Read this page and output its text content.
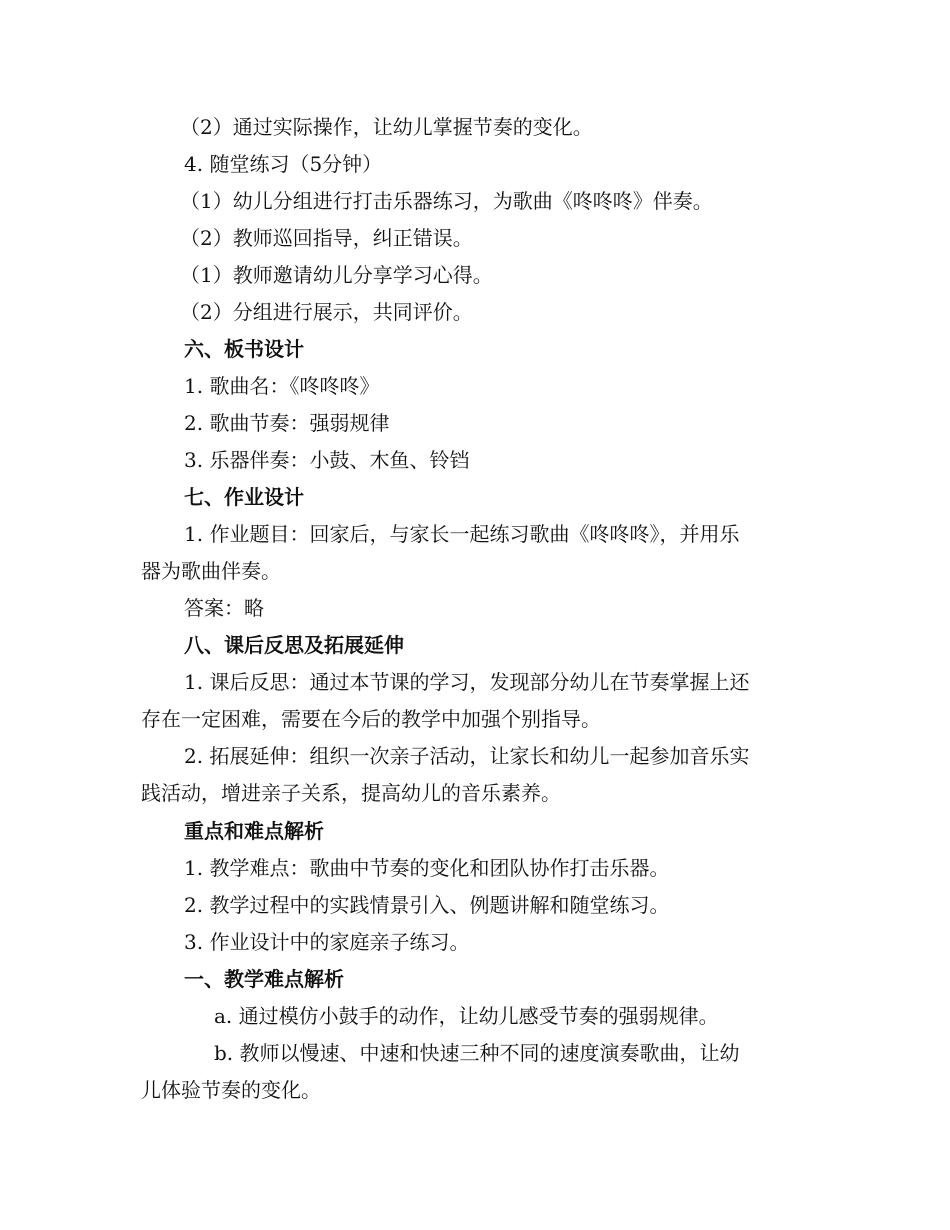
（2）通过实际操作，让幼儿掌握节奏的变化。
4. 随堂练习（5分钟）
（1）幼儿分组进行打击乐器练习，为歌曲《咚咚咚》伴奏。
（2）教师巡回指导，纠正错误。
（1）教师邀请幼儿分享学习心得。
（2）分组进行展示，共同评价。
六、板书设计
1. 歌曲名：《咚咚咚》
2. 歌曲节奏：强弱规律
3. 乐器伴奏：小鼓、木鱼、铃铛
七、作业设计
1. 作业题目：回家后，与家长一起练习歌曲《咚咚咚》，并用乐
器为歌曲伴奏。
答案：略
八、课后反思及拓展延伸
1. 课后反思：通过本节课的学习，发现部分幼儿在节奏掌握上还
存在一定困难，需要在今后的教学中加强个别指导。
2. 拓展延伸：组织一次亲子活动，让家长和幼儿一起参加音乐实
践活动，增进亲子关系，提高幼儿的音乐素养。
重点和难点解析
1. 教学难点：歌曲中节奏的变化和团队协作打击乐器。
2. 教学过程中的实践情景引入、例题讲解和随堂练习。
3. 作业设计中的家庭亲子练习。
一、教学难点解析
a. 通过模仿小鼓手的动作，让幼儿感受节奏的强弱规律。
b. 教师以慢速、中速和快速三种不同的速度演奏歌曲，让幼
儿体验节奏的变化。
